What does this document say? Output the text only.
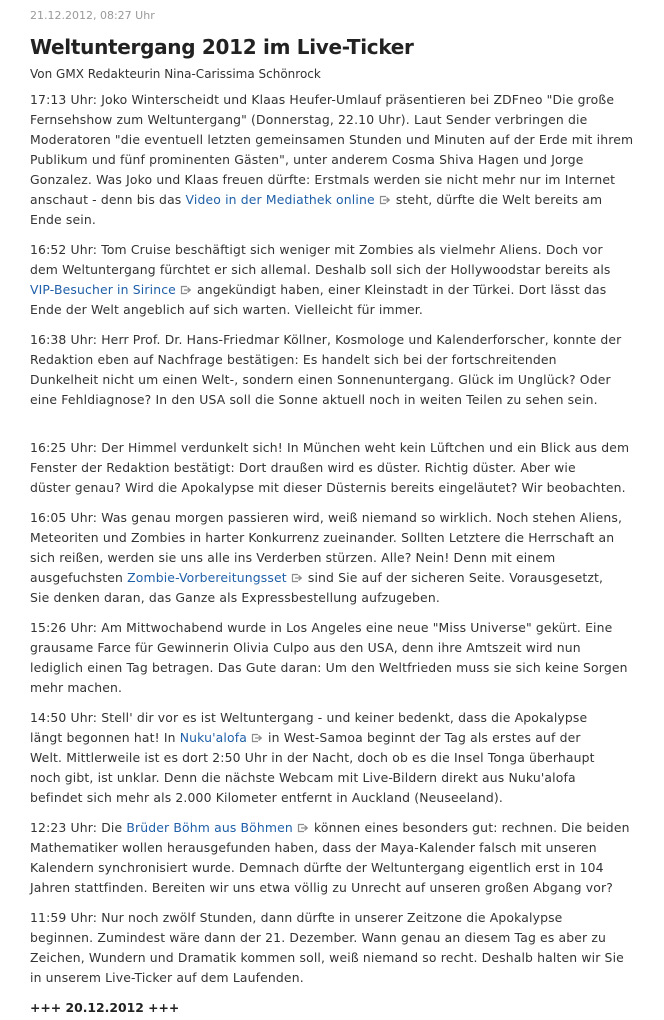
21.12.2012, 08:27 Uhr
Weltuntergang 2012 im Live-Ticker
Von GMX Redakteurin Nina-Carissima Schönrock

17:13 Uhr: Joko Winterscheidt und Klaas Heufer-Umlauf präsentieren bei ZDFneo "Die große
Fernsehshow zum Weltuntergang" (Donnerstag, 22.10 Uhr). Laut Sender verbringen die
Moderatoren "die eventuell letzten gemeinsamen Stunden und Minuten auf der Erde mit ihrem
Publikum und fünf prominenten Gästen", unter anderem Cosma Shiva Hagen und Jorge
Gonzalez. Was Joko und Klaas freuen dürfte: Erstmals werden sie nicht mehr nur im Internet
anschaut - denn bis das Video in der Mediathek online
steht, dürfte die Welt bereits am
Ende sein.

16:52 Uhr: Tom Cruise beschäftigt sich weniger mit Zombies als vielmehr Aliens. Doch vor
dem Weltuntergang fürchtet er sich allemal. Deshalb soll sich der Hollywoodstar bereits als
VIP-Besucher in Sirince
angekündigt haben, einer Kleinstadt in der Türkei. Dort lässt das
Ende der Welt angeblich auf sich warten. Vielleicht für immer.

16:38 Uhr: Herr Prof. Dr. Hans-Friedmar Köllner, Kosmologe und Kalenderforscher, konnte der
Redaktion eben auf Nachfrage bestätigen: Es handelt sich bei der fortschreitenden
Dunkelheit nicht um einen Welt-, sondern einen Sonnenuntergang. Glück im Unglück? Oder
eine Fehldiagnose? In den USA soll die Sonne aktuell noch in weiten Teilen zu sehen sein.

16:25 Uhr: Der Himmel verdunkelt sich! In München weht kein Lüftchen und ein Blick aus dem
Fenster der Redaktion bestätigt: Dort draußen wird es düster. Richtig düster. Aber wie
düster genau? Wird die Apokalypse mit dieser Düsternis bereits eingeläutet? Wir beobachten.

16:05 Uhr: Was genau morgen passieren wird, weiß niemand so wirklich. Noch stehen Aliens,
Meteoriten und Zombies in harter Konkurrenz zueinander. Sollten Letztere die Herrschaft an
sich reißen, werden sie uns alle ins Verderben stürzen. Alle? Nein! Denn mit einem
ausgefuchsten Zombie-Vorbereitungsset
sind Sie auf der sicheren Seite. Vorausgesetzt,
Sie denken daran, das Ganze als Expressbestellung aufzugeben.

15:26 Uhr: Am Mittwochabend wurde in Los Angeles eine neue "Miss Universe" gekürt. Eine
grausame Farce für Gewinnerin Olivia Culpo aus den USA, denn ihre Amtszeit wird nun
lediglich einen Tag betragen. Das Gute daran: Um den Weltfrieden muss sie sich keine Sorgen
mehr machen.

14:50 Uhr: Stell' dir vor es ist Weltuntergang - und keiner bedenkt, dass die Apokalypse
längt begonnen hat! In Nuku'alofa
in West-Samoa beginnt der Tag als erstes auf der
Welt. Mittlerweile ist es dort 2:50 Uhr in der Nacht, doch ob es die Insel Tonga überhaupt
noch gibt, ist unklar. Denn die nächste Webcam mit Live-Bildern direkt aus Nuku'alofa
befindet sich mehr als 2.000 Kilometer entfernt in Auckland (Neuseeland).

12:23 Uhr: Die Brüder Böhm aus Böhmen
können eines besonders gut: rechnen. Die beiden
Mathematiker wollen herausgefunden haben, dass der Maya-Kalender falsch mit unseren
Kalendern synchronisiert wurde. Demnach dürfte der Weltuntergang eigentlich erst in 104
Jahren stattfinden. Bereiten wir uns etwa völlig zu Unrecht auf unseren großen Abgang vor?

11:59 Uhr: Nur noch zwölf Stunden, dann dürfte in unserer Zeitzone die Apokalypse
beginnen. Zumindest wäre dann der 21. Dezember. Wann genau an diesem Tag es aber zu
Zeichen, Wundern und Dramatik kommen soll, weiß niemand so recht. Deshalb halten wir Sie
in unserem Live-Ticker auf dem Laufenden.

+++ 20.12.2012 +++
